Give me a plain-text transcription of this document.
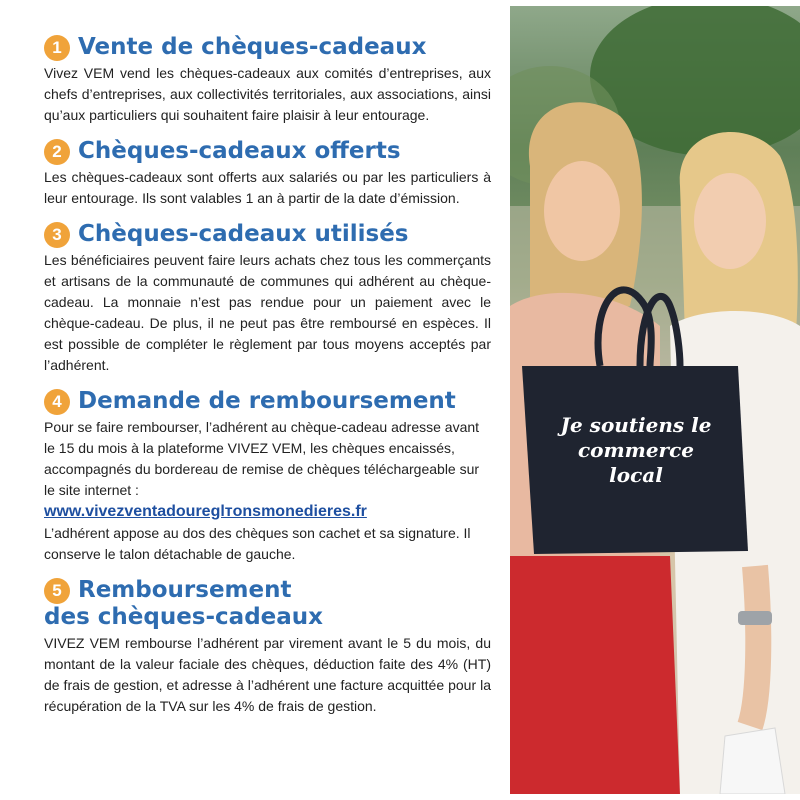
1 Vente de chèques-cadeaux

Vivez VEM vend les chèques-cadeaux aux comités d’entreprises, aux chefs d’entreprises, aux collectivités territoriales, aux associations, ainsi qu’aux particuliers qui souhaitent faire plaisir à leur entourage.

2 Chèques-cadeaux offerts

Les chèques-cadeaux sont offerts aux salariés ou par les particuliers à leur entourage. Ils sont valables 1 an à partir de la date d’émission.

3 Chèques-cadeaux utilisés

Les bénéficiaires peuvent faire leurs achats chez tous les commerçants et artisans de la communauté de communes qui adhérent au chèque- cadeau. La monnaie n’est pas rendue pour un paiement avec le chèque-cadeau. De plus, il ne peut pas être remboursé en espèces. Il est possible de compléter le règlement par tous moyens acceptés par l’adhérent.

4 Demande de remboursement

Pour se faire rembourser, l’adhérent au chèque-cadeau adresse avant le 15 du mois à la plateforme VIVEZ VEM, les chèques encaissés, accompagnés du bordereau de remise de chèques téléchargeable sur le site internet :

www.vivezventadoureglтonsmonedieres.fr

L’adhérent appose au dos des chèques son cachet et sa signature. Il conserve le talon détachable de gauche.

5 Remboursement

des chèques-cadeaux

VIVEZ VEM rembourse l’adhérent par virement avant le 5 du mois, du montant de la valeur faciale des chèques, déduction faite des 4% (HT) de frais de gestion, et adresse à l’adhérent une facture acquittée pour la récupération de la TVA sur les 4% de frais de gestion.

Je soutiens le
commerce
local
